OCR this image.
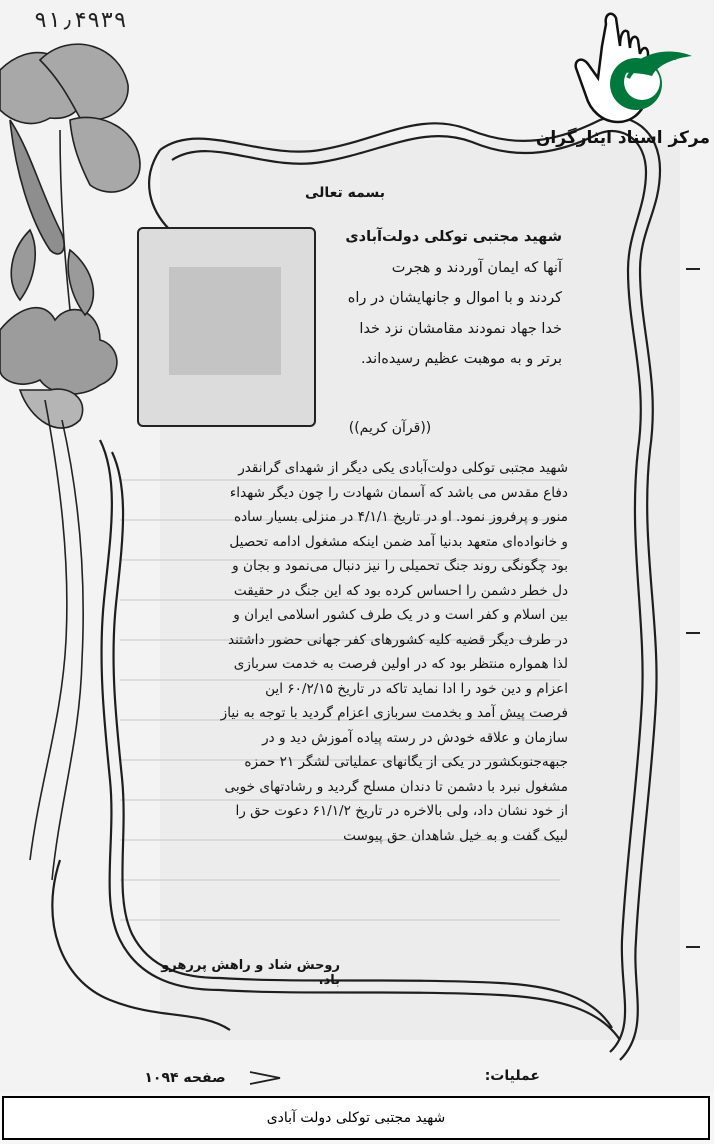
۹۱٫۴۹۳۹
مرکز اسناد ایثارگران
بسمه تعالی
شهید مجتبی توکلی دولت‌آبادی
آنها که ایمان آوردند و هجرت
کردند و با اموال و جانهایشان در راه
خدا جهاد نمودند مقامشان نزد خدا
برتر و به موهبت عظیم رسیده‌اند.
((قرآن کریم))
شهید مجتبی توکلی دولت‌آبادی یکی دیگر از شهدای گرانقدر
دفاع مقدس می باشد که آسمان شهادت را چون دیگر شهداء
منور و پرفروز نمود. او در تاریخ ۴/۱/۱ در منزلی بسیار ساده
و خانواده‌ای متعهد بدنیا آمد ضمن اینکه مشغول ادامه تحصیل
بود چگونگی روند جنگ تحمیلی را نیز دنبال می‌نمود و بجان و
دل خطر دشمن را احساس کرده بود که این جنگ در حقیقت
بین اسلام و کفر است و در یک طرف کشور اسلامی ایران و
در طرف دیگر قضیه کلیه کشورهای کفر جهانی حضور داشتند
لذا همواره منتظر بود که در اولین فرصت به خدمت سربازی
اعزام و دین خود را ادا نماید تاکه در تاریخ ۶۰/۲/۱۵ این
فرصت پیش آمد و بخدمت سربازی اعزام گردید با توجه به نیاز
سازمان و علاقه خودش در رسته پیاده آموزش دید و در
جبهه‌جنوبکشور در یکی از یگانهای عملیاتی لشگر ۲۱ حمزه
مشغول نبرد با دشمن تا دندان مسلح گردید و رشادتهای خوبی
از خود نشان داد، ولی بالاخره در تاریخ ۶۱/۱/۲ دعوت حق را
لبیک گفت و به خیل شاهدان حق پیوست
روحش شاد و راهش پررهرو باد.
صفحه ۱۰۹۴	عملیات:
شهید مجتبی توکلی دولت آبادی
